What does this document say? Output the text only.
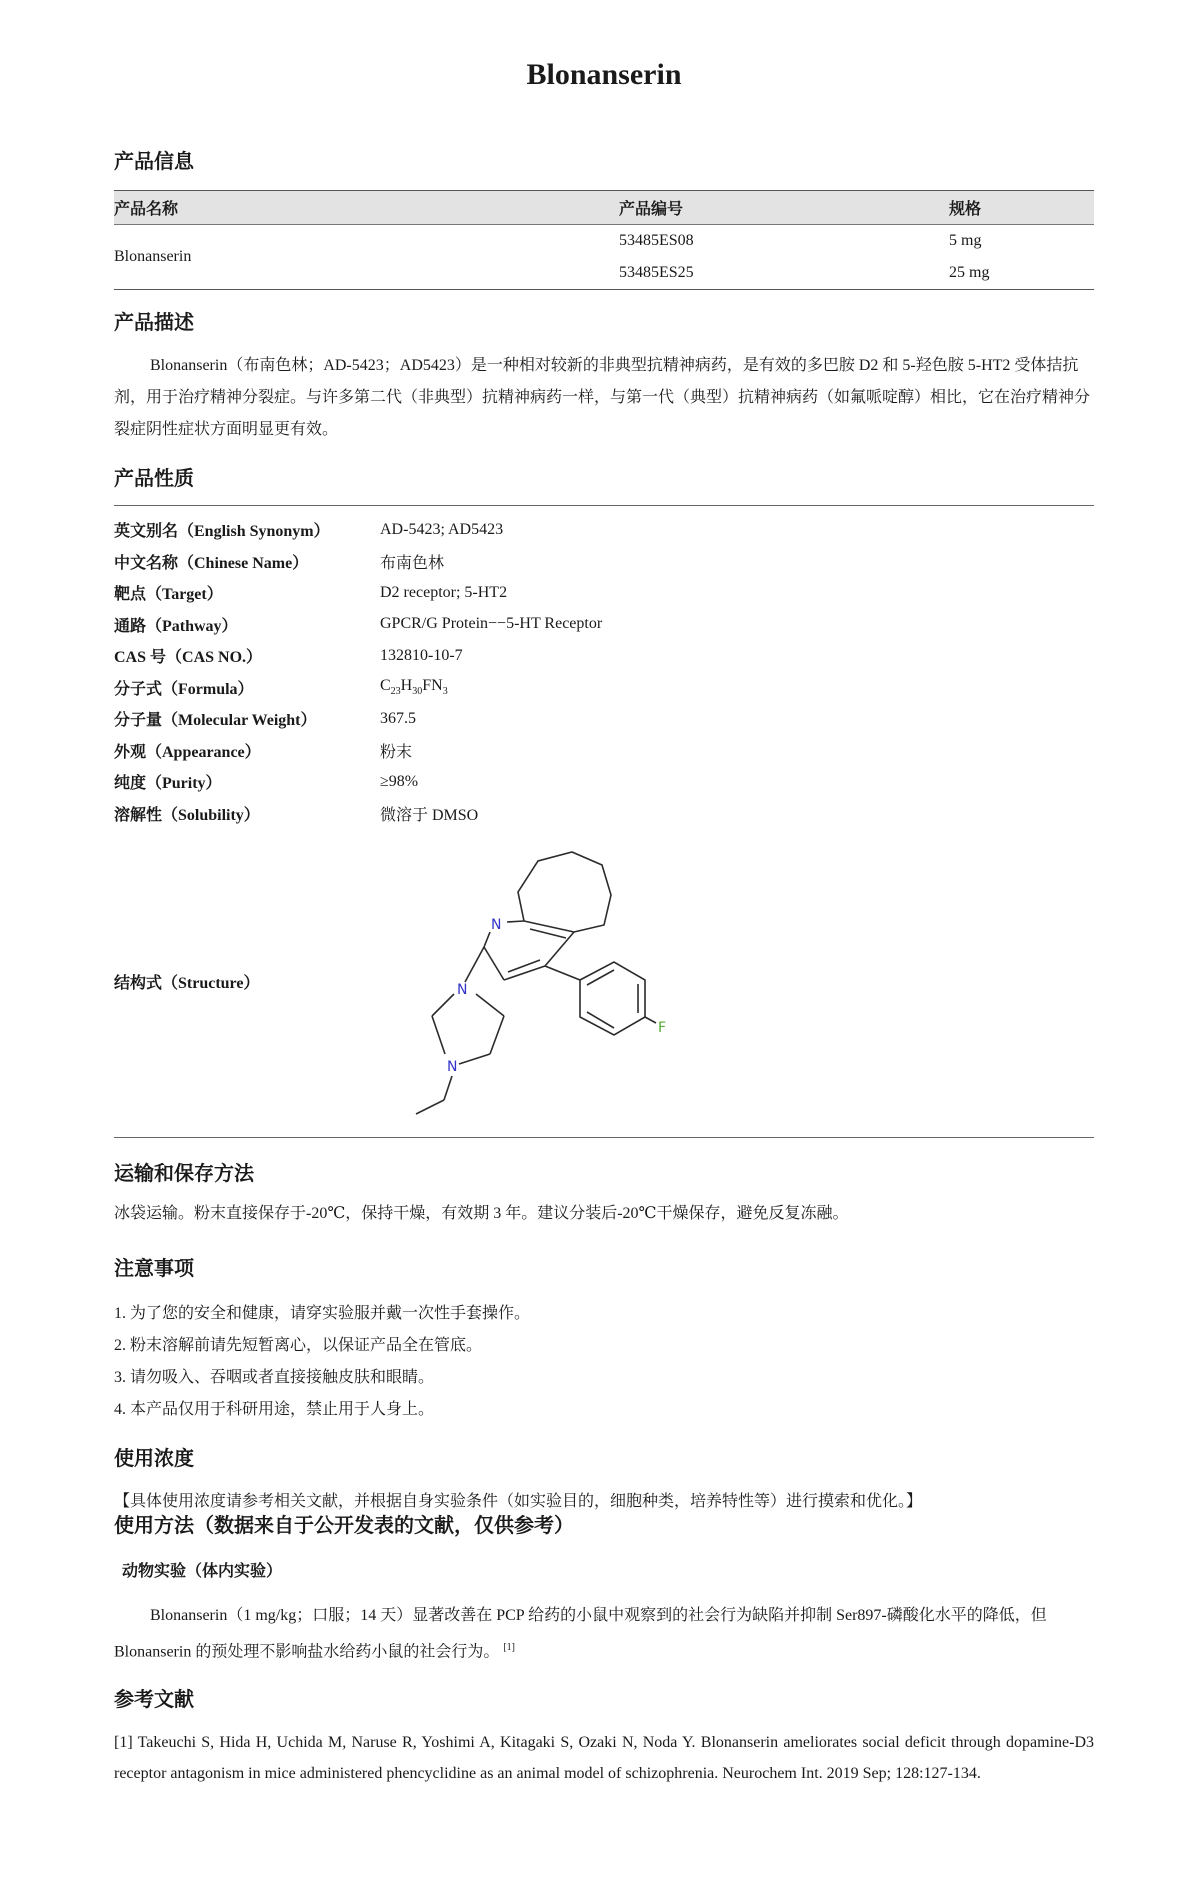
Blonanserin
产品信息
产品名称	产品编号	规格
Blonanserin	53485ES08	5 mg
	53485ES25	25 mg
产品描述

Blonanserin（布南色林；AD-5423；AD5423）是一种相对较新的非典型抗精神病药，是有效的多巴胺 D2 和 5-羟色胺 5-HT2 受体拮抗剂，用于治疗精神分裂症。与许多第二代（非典型）抗精神病药一样，与第一代（典型）抗精神病药（如氟哌啶醇）相比，它在治疗精神分裂症阴性症状方面明显更有效。

产品性质
英文别名（English Synonym）	AD-5423; AD5423
中文名称（Chinese Name）	布南色林
靶点（Target）	D2 receptor; 5-HT2
通路（Pathway）	GPCR/G Protein−−5-HT Receptor
CAS 号（CAS NO.）	132810-10-7
分子式（Formula）	$C_{23}H_{30}FN_3$
分子量（Molecular Weight）	367.5
外观（Appearance）	粉末
纯度（Purity）	≥98%
溶解性（Solubility）	微溶于 DMSO
结构式（Structure）
N
N
N
F
运输和保存方法

冰袋运输。粉末直接保存于-20℃，保持干燥，有效期 3 年。建议分装后-20℃干燥保存，避免反复冻融。

注意事项
1. 为了您的安全和健康，请穿实验服并戴一次性手套操作。
2. 粉末溶解前请先短暂离心，以保证产品全在管底。
3. 请勿吸入、吞咽或者直接接触皮肤和眼睛。
4. 本产品仅用于科研用途，禁止用于人身上。
使用浓度
【具体使用浓度请参考相关文献，并根据自身实验条件（如实验目的，细胞种类，培养特性等）进行摸索和优化。】
使用方法（数据来自于公开发表的文献，仅供参考）
动物实验（体内实验）

Blonanserin（1 mg/kg；口服；14 天）显著改善在 PCP 给药的小鼠中观察到的社会行为缺陷并抑制 Ser897-磷酸化水平的降低，但 Blonanserin 的预处理不影响盐水给药小鼠的社会行为。 [1]

参考文献

[1] Takeuchi S, Hida H, Uchida M, Naruse R, Yoshimi A, Kitagaki S, Ozaki N, Noda Y. Blonanserin ameliorates social deficit through dopamine-D3 receptor antagonism in mice administered phencyclidine as an animal model of schizophrenia. Neurochem Int. 2019 Sep; 128:127-134.
